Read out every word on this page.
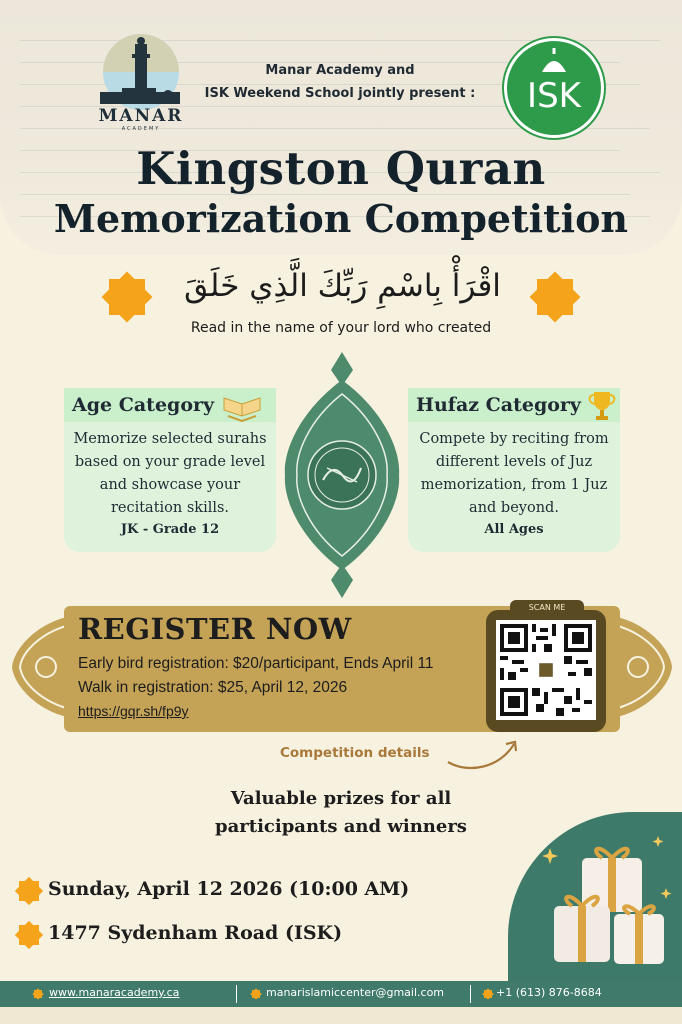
MANAR
ACADEMY
Manar Academy and
ISK Weekend School jointly present :	ISK
Kingston Quran
Memorization Competition
اقْرَأْ بِاسْمِ رَبِّكَ الَّذِي خَلَقَ
Read in the name of your lord who created
Age Category
Memorize selected surahs based on your grade level and showcase your recitation skills.
JK - Grade 12
Hufaz Category
Compete by reciting from different levels of Juz memorization, from 1 Juz and beyond.
All Ages
REGISTER NOW
Early bird registration: $20/participant, Ends April 11
Walk in registration: $25, April 12, 2026
https://gqr.sh/fp9y
SCAN ME
Competition details
Valuable prizes for all
participants and winners
Sunday, April 12 2026 (10:00 AM)
1477 Sydenham Road (ISK)
www.manaracademy.ca	manarislamiccenter@gmail.com	+1 (613) 876-8684
